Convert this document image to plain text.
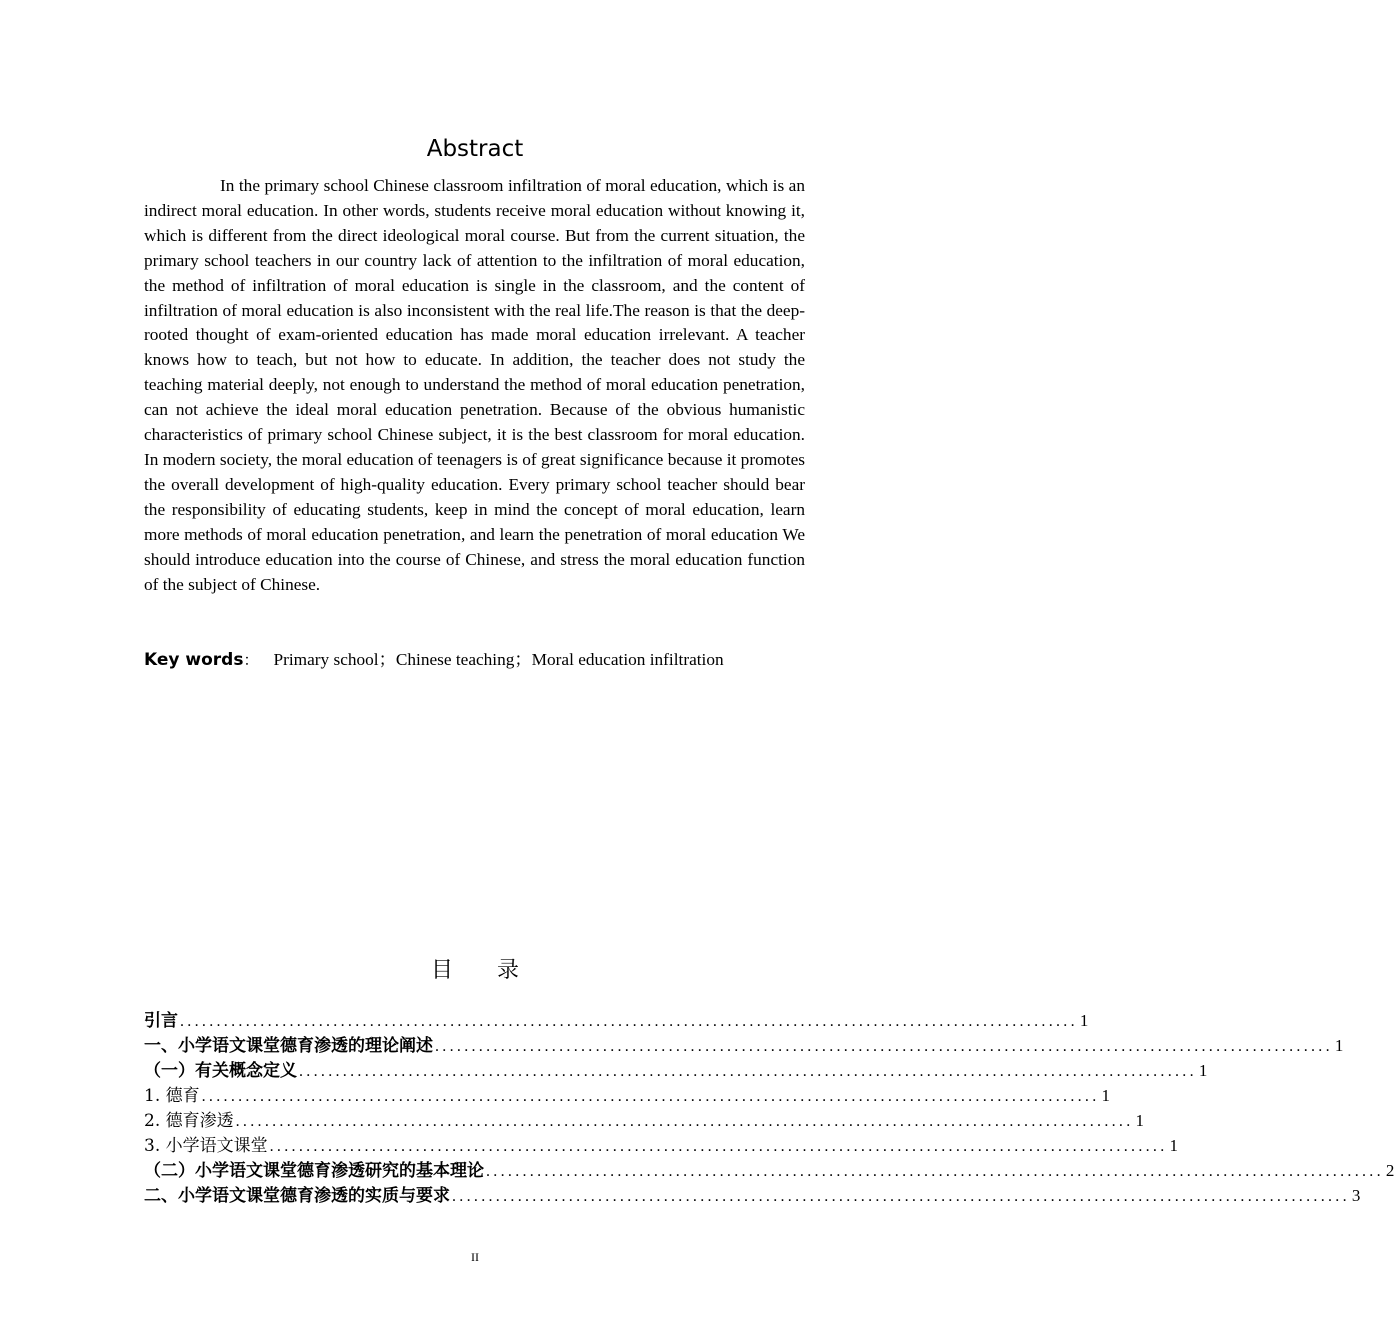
Abstract

In the primary school Chinese classroom infiltration of moral education, which is an indirect moral education. In other words, students receive moral education without knowing it, which is different from the direct ideological moral course. But from the current situation, the primary school teachers in our country lack of attention to the infiltration of moral education, the method of infiltration of moral education is single in the classroom, and the content of infiltration of moral education is also inconsistent with the real life.The reason is that the deep-rooted thought of exam-oriented education has made moral education irrelevant. A teacher knows how to teach, but not how to educate. In addition, the teacher does not study the teaching material deeply, not enough to understand the method of moral education penetration, can not achieve the ideal moral education penetration. Because of the obvious humanistic characteristics of primary school Chinese subject, it is the best classroom for moral education. In modern society, the moral education of teenagers is of great significance because it promotes the overall development of high-quality education. Every primary school teacher should bear the responsibility of educating students, keep in mind the concept of moral education, learn more methods of moral education penetration, and learn the penetration of moral education We should introduce education into the course of Chinese, and stress the moral education function of the subject of Chinese.

Key words： Primary school；Chinese teaching；Moral education infiltration
目录
引言 ........................................................................................................................... 1
一、小学语文课堂德育渗透的理论阐述 ........................................................................................................................... 1
（一）有关概念定义 ........................................................................................................................... 1
1. 德育 ........................................................................................................................... 1
2. 德育渗透 ........................................................................................................................... 1
3. 小学语文课堂 ........................................................................................................................... 1
（二）小学语文课堂德育渗透研究的基本理论 ........................................................................................................................... 2
二、小学语文课堂德育渗透的实质与要求 ........................................................................................................................... 3
II
